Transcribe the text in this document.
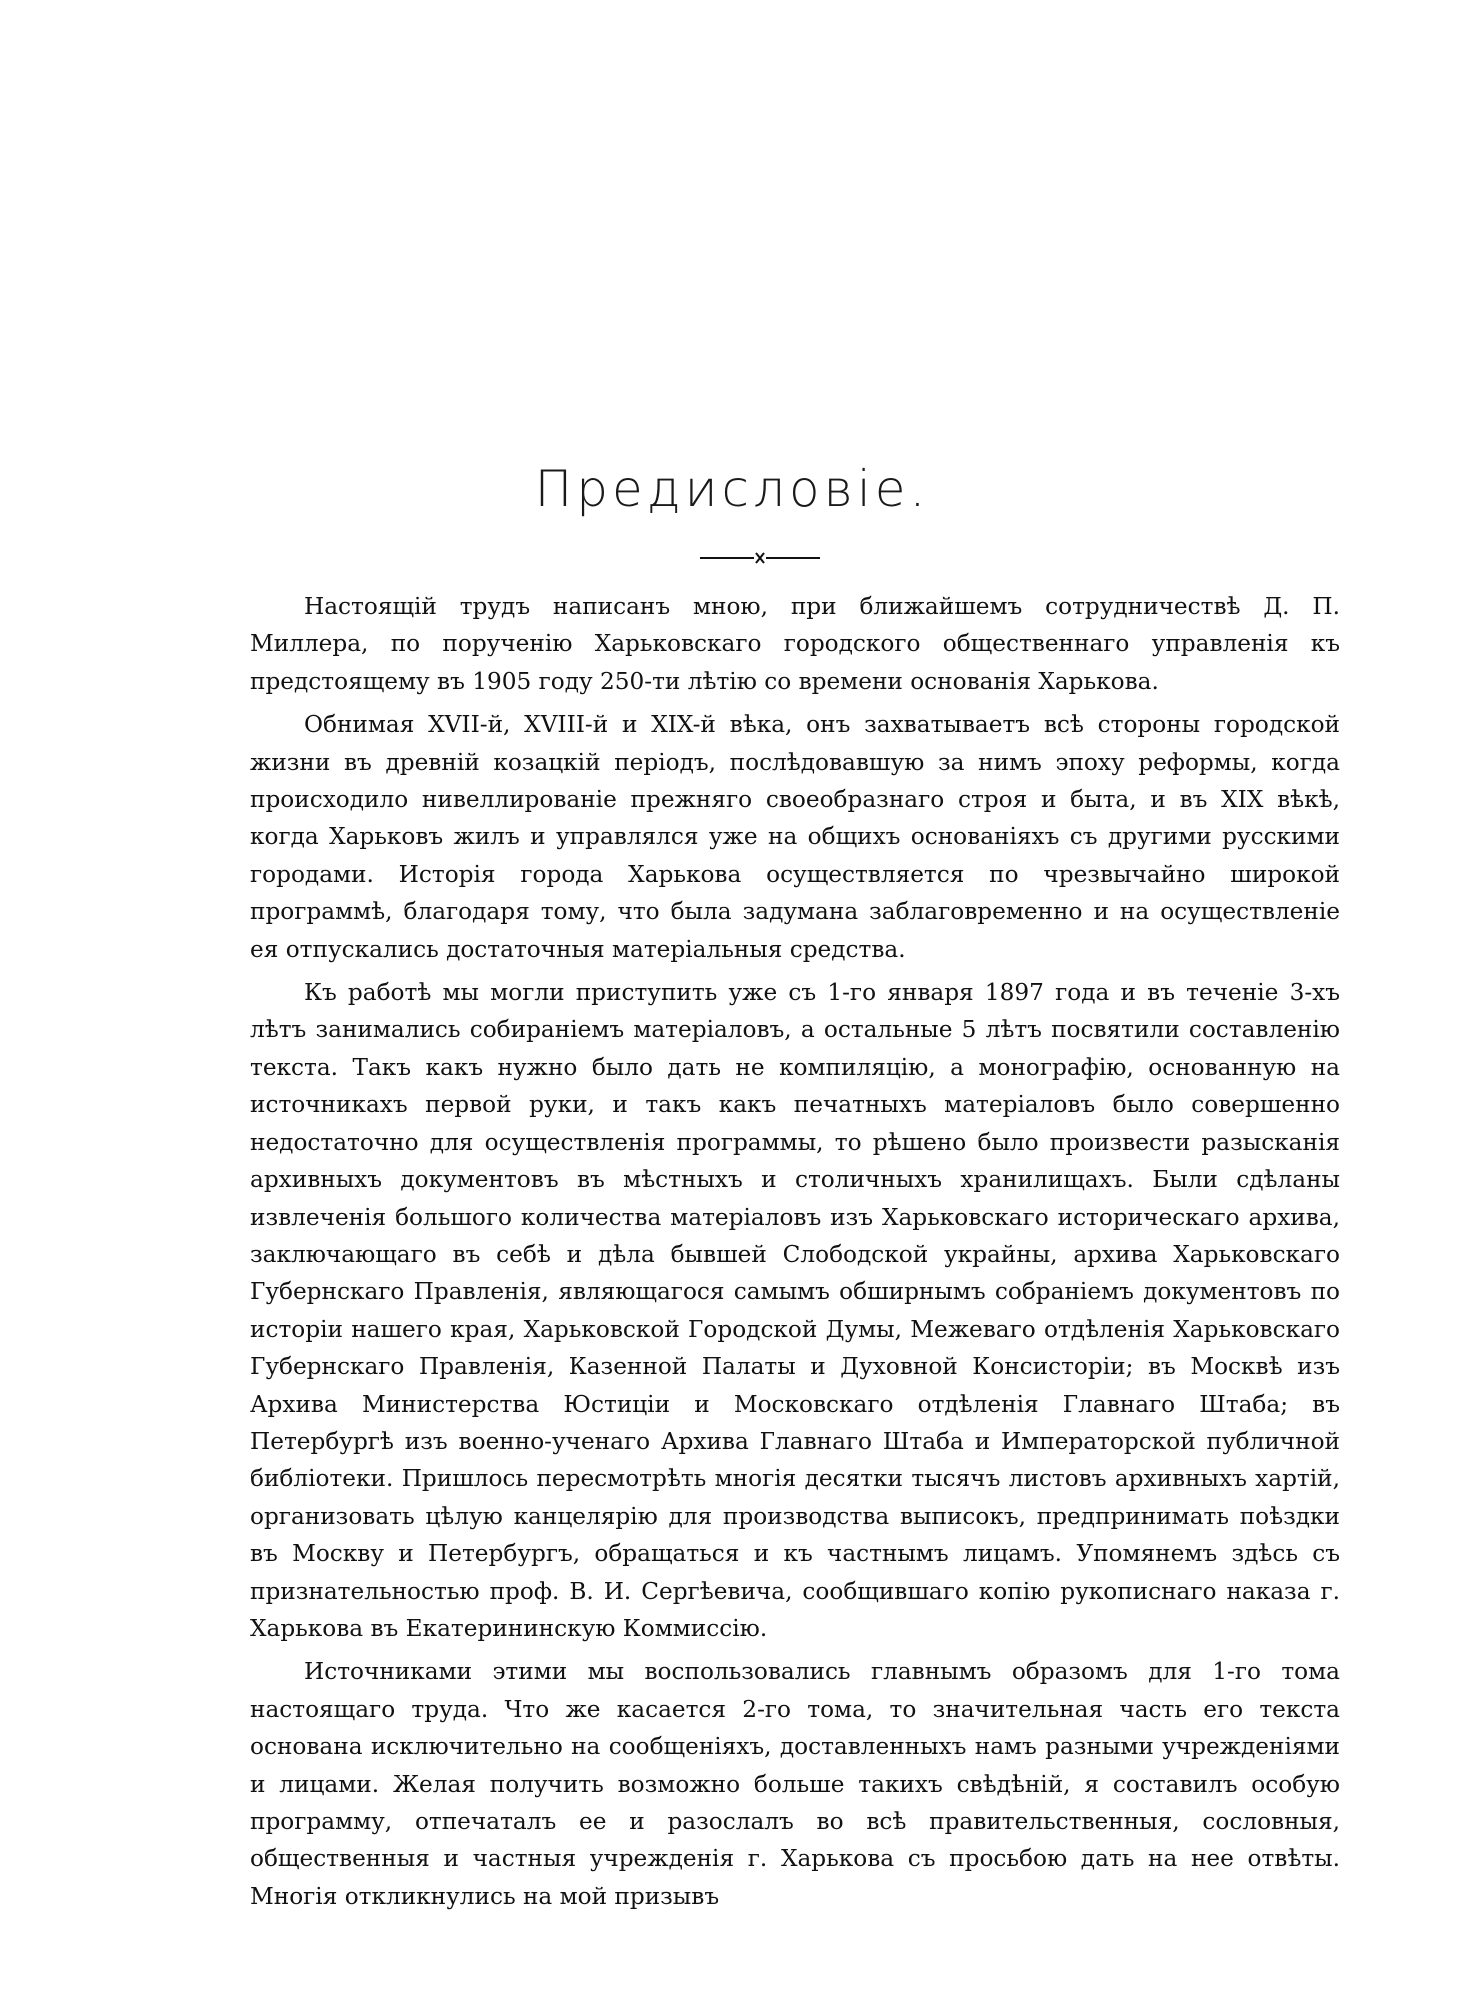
Предисловіе.

Настоящій трудъ написанъ мною, при ближайшемъ сотрудничествѣ Д. П. Миллера, по порученію Харьковскаго городского общественнаго управленія къ предстоящему въ 1905 году 250-ти лѣтію со времени основанія Харькова.

Обнимая XVII-й, XVIII-й и XIX-й вѣка, онъ захватываетъ всѣ стороны городской жизни въ древній козацкій періодъ, послѣдовавшую за нимъ эпоху реформы, когда происходило нивеллированіе прежняго своеобразнаго строя и быта, и въ XIX вѣкѣ, когда Харьковъ жилъ и управлялся уже на общихъ основаніяхъ съ другими русскими городами. Исторія города Харькова осуществляется по чрезвычайно широкой программѣ, благодаря тому, что была задумана заблаговременно и на осуществленіе ея отпускались достаточныя матеріальныя средства.

Къ работѣ мы могли приступить уже съ 1-го января 1897 года и въ теченіе 3-хъ лѣтъ занимались собираніемъ матеріаловъ, а остальные 5 лѣтъ посвятили составленію текста. Такъ какъ нужно было дать не компиляцію, а монографію, основанную на источникахъ первой руки, и такъ какъ печатныхъ матеріаловъ было совершенно недостаточно для осуществленія программы, то рѣшено было произвести разысканія архивныхъ документовъ въ мѣстныхъ и столичныхъ хранилищахъ. Были сдѣланы извлеченія большого количества матеріаловъ изъ Харьковскаго историческаго архива, заключающаго въ себѣ и дѣла бывшей Слободской украйны, архива Харьковскаго Губернскаго Правленія, являющагося самымъ обширнымъ собраніемъ документовъ по исторіи нашего края, Харьковской Городской Думы, Межеваго отдѣленія Харьковскаго Губернскаго Правленія, Казенной Палаты и Духовной Консисторіи; въ Москвѣ изъ Архива Министерства Юстиціи и Московскаго отдѣленія Главнаго Штаба; въ Петербургѣ изъ военно-ученаго Архива Главнаго Штаба и Императорской публичной библіотеки. Пришлось пересмотрѣть многія десятки тысячъ листовъ архивныхъ хартій, организовать цѣлую канцелярію для производства выписокъ, предпринимать поѣздки въ Москву и Петербургъ, обращаться и къ частнымъ лицамъ. Упомянемъ здѣсь съ признательностью проф. В. И. Сергѣевича, сообщившаго копію рукописнаго наказа г. Харькова въ Екатерининскую Коммиссію.

Источниками этими мы воспользовались главнымъ образомъ для 1-го тома настоящаго труда. Что же касается 2-го тома, то значительная часть его текста основана исключительно на сообщеніяхъ, доставленныхъ намъ разными учрежденіями и лицами. Желая получить возможно больше такихъ свѣдѣній, я составилъ особую программу, отпечаталъ ее и разослалъ во всѣ правительственныя, сословныя, общественныя и частныя учрежденія г. Харькова съ просьбою дать на нее отвѣты. Многія откликнулись на мой призывъ
